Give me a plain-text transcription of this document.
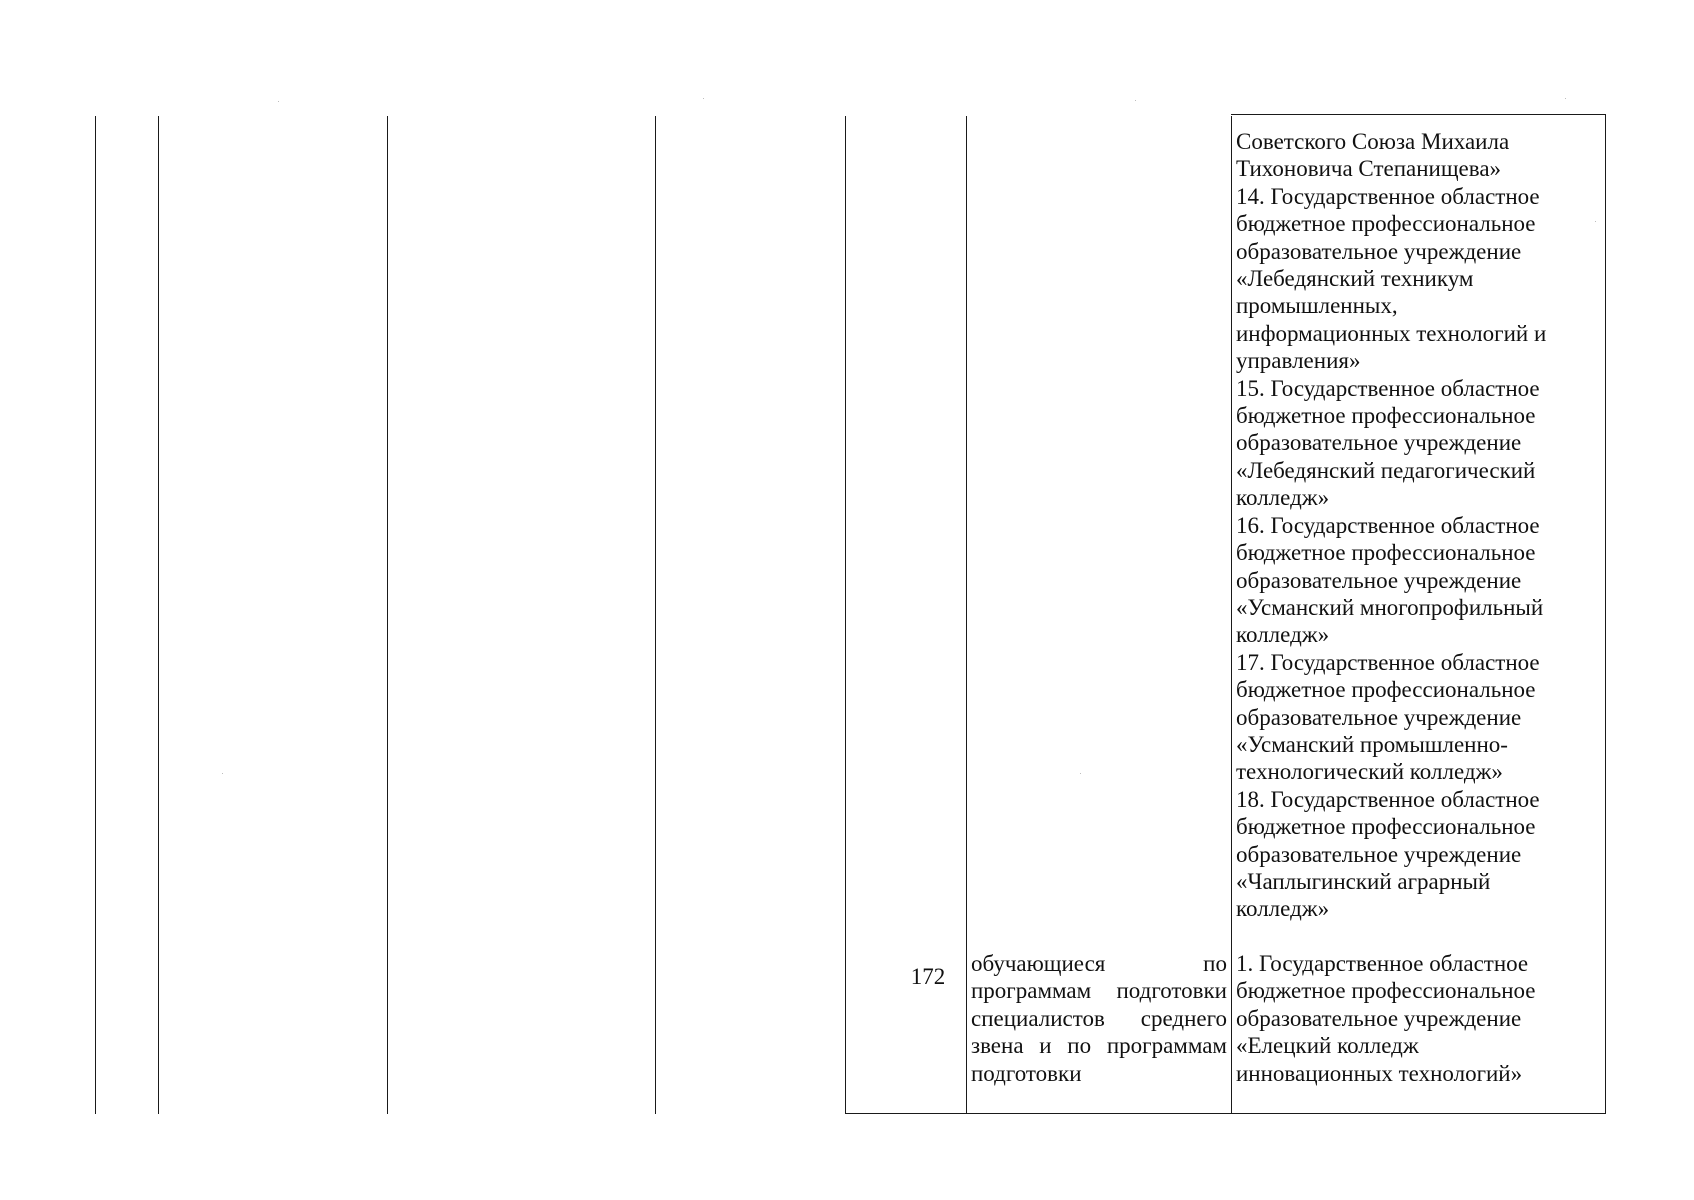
Советского Союза Михаила
Тихоновича Степанищева»
14. Государственное областное
бюджетное профессиональное
образовательное учреждение
«Лебедянский техникум
промышленных,
информационных технологий и
управления»
15. Государственное областное
бюджетное профессиональное
образовательное учреждение
«Лебедянский педагогический
колледж»
16. Государственное областное
бюджетное профессиональное
образовательное учреждение
«Усманский многопрофильный
колледж»
17. Государственное областное
бюджетное профессиональное
образовательное учреждение
«Усманский промышленно-
технологический колледж»
18. Государственное областное
бюджетное профессиональное
образовательное учреждение
«Чаплыгинский аграрный
колледж»
172
обучающиеся по
программам подготовки
специалистов среднего
звена и по программам
подготовки
1. Государственное областное
бюджетное профессиональное
образовательное учреждение
«Елецкий колледж
инновационных технологий»
